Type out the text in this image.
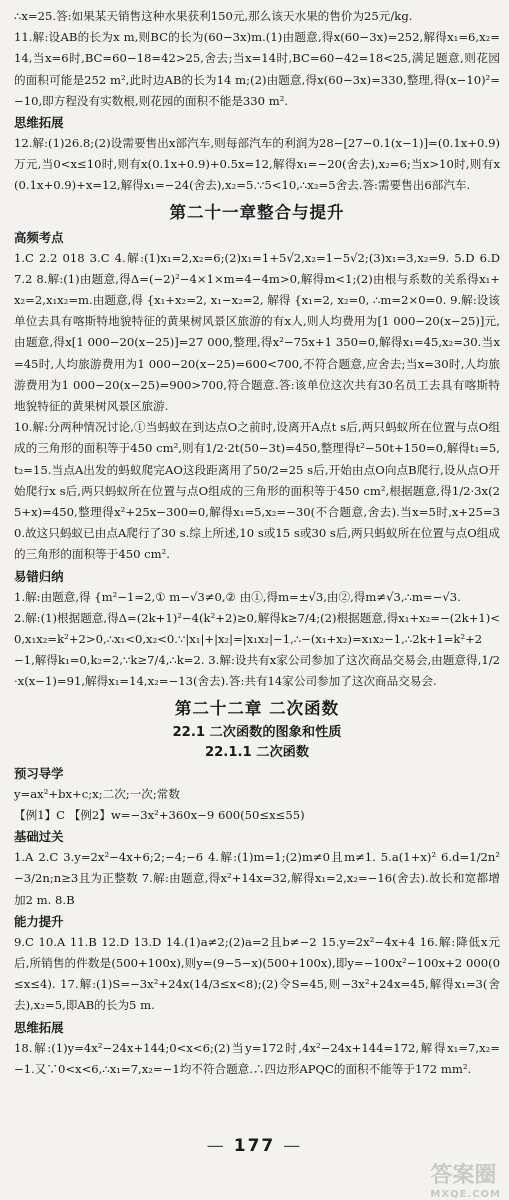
∴x=25.答:如果某天销售这种水果获利150元,那么该天水果的售价为25元/kg.

11.解:设AB的长为x m,则BC的长为(60−3x)m.(1)由题意,得x(60−3x)=252,解得x₁=6,x₂=14,当x=6时,BC=60−18=42>25,舍去;当x=14时,BC=60−42=18<25,满足题意,则花园的面积可能是252 m²,此时边AB的长为14 m;(2)由题意,得x(60−3x)=330,整理,得(x−10)²=−10,即方程没有实数根,则花园的面积不能是330 m².

思维拓展

12.解:(1)26.8;(2)设需要售出x部汽车,则每部汽车的利润为28−[27−0.1(x−1)]=(0.1x+0.9)万元,当0<x≤10时,则有x(0.1x+0.9)+0.5x=12,解得x₁=−20(舍去),x₂=6;当x>10时,则有x(0.1x+0.9)+x=12,解得x₁=−24(舍去),x₂=5.∵5<10,∴x₂=5舍去.答:需要售出6部汽车.

第二十一章整合与提升

高频考点

1.C 2.2 018 3.C 4.解:(1)x₁=2,x₂=6;(2)x₁=1+5√2,x₂=1−5√2;(3)x₁=3,x₂=9. 5.D 6.D 7.2 8.解:(1)由题意,得Δ=(−2)²−4×1×m=4−4m>0,解得m<1;(2)由根与系数的关系得x₁+x₂=2,x₁x₂=m.由题意,得 {x₁+x₂=2, x₁−x₂=2, 解得 {x₁=2, x₂=0, ∴m=2×0=0. 9.解:设该单位去具有喀斯特地貌特征的黄果树风景区旅游的有x人,则人均费用为[1 000−20(x−25)]元,由题意,得x[1 000−20(x−25)]=27 000,整理,得x²−75x+1 350=0,解得x₁=45,x₂=30.当x=45时,人均旅游费用为1 000−20(x−25)=600<700,不符合题意,应舍去;当x=30时,人均旅游费用为1 000−20(x−25)=900>700,符合题意.答:该单位这次共有30名员工去具有喀斯特地貌特征的黄果树风景区旅游.

10.解:分两种情况讨论,①当蚂蚁在到达点O之前时,设离开A点t s后,两只蚂蚁所在位置与点O组成的三角形的面积等于450 cm²,则有1/2·2t(50−3t)=450,整理得t²−50t+150=0,解得t₁=5,t₂=15.当点A出发的蚂蚁爬完AO这段距离用了50/2=25 s后,开始由点O向点B爬行,设从点O开始爬行x s后,两只蚂蚁所在位置与点O组成的三角形的面积等于450 cm²,根据题意,得1/2·3x(25+x)=450,整理得x²+25x−300=0,解得x₁=5,x₂=−30(不合题意,舍去).当x=5时,x+25=30.故这只蚂蚁已由点A爬行了30 s.综上所述,10 s或15 s或30 s后,两只蚂蚁所在位置与点O组成的三角形的面积等于450 cm².

易错归纳

1.解:由题意,得 {m²−1=2,① m−√3≠0,② 由①,得m=±√3,由②,得m≠√3,∴m=−√3.

2.解:(1)根据题意,得Δ=(2k+1)²−4(k²+2)≥0,解得k≥7/4;(2)根据题意,得x₁+x₂=−(2k+1)<0,x₁x₂=k²+2>0,∴x₁<0,x₂<0.∵|x₁|+|x₂|=|x₁x₂|−1,∴−(x₁+x₂)=x₁x₂−1,∴2k+1=k²+2−1,解得k₁=0,k₂=2,∵k≥7/4,∴k=2. 3.解:设共有x家公司参加了这次商品交易会,由题意得,1/2·x(x−1)=91,解得x₁=14,x₂=−13(舍去).答:共有14家公司参加了这次商品交易会.

第二十二章 二次函数

22.1 二次函数的图象和性质

22.1.1 二次函数

预习导学

y=ax²+bx+c;x;二次;一次;常数

【例1】C 【例2】w=−3x²+360x−9 600(50≤x≤55)

基础过关

1.A 2.C 3.y=2x²−4x+6;2;−4;−6 4.解:(1)m=1;(2)m≠0且m≠1. 5.a(1+x)² 6.d=1/2n²−3/2n;n≥3且为正整数 7.解:由题意,得x²+14x=32,解得x₁=2,x₂=−16(舍去).故长和宽都增加2 m. 8.B

能力提升

9.C 10.A 11.B 12.D 13.D 14.(1)a≠2;(2)a=2且b≠−2 15.y=2x²−4x+4 16.解:降低x元后,所销售的件数是(500+100x),则y=(9−5−x)(500+100x),即y=−100x²−100x+2 000(0≤x≤4). 17.解:(1)S=−3x²+24x(14/3≤x<8);(2)令S=45,则−3x²+24x=45,解得x₁=3(舍去),x₂=5,即AB的长为5 m.

思维拓展

18.解:(1)y=4x²−24x+144;0<x<6;(2)当y=172时,4x²−24x+144=172,解得x₁=7,x₂=−1.又∵0<x<6,∴x₁=7,x₂=−1均不符合题意.∴四边形APQC的面积不能等于172 mm².

— 177 —
答案圈
MXQE.COM
